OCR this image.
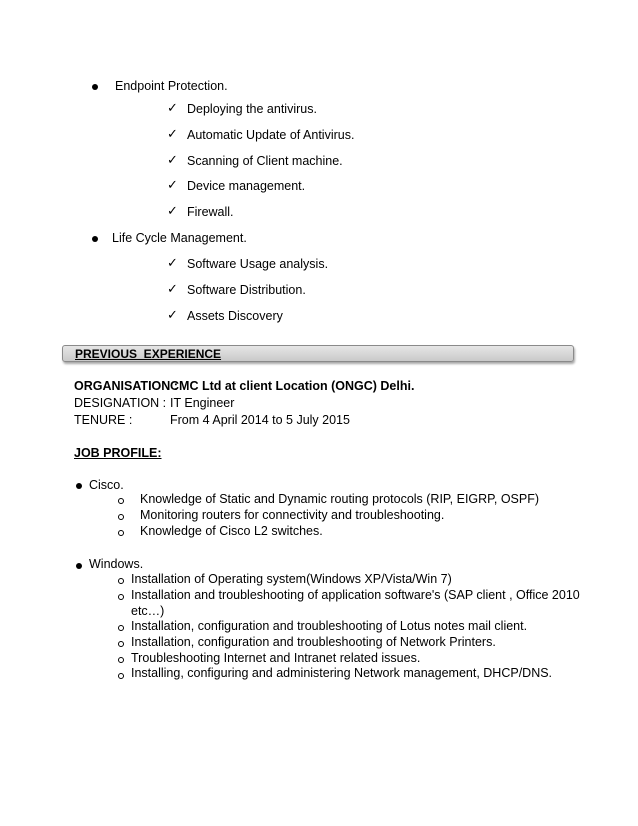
Endpoint Protection.
✓ Deploying the antivirus.
✓ Automatic Update of Antivirus.
✓ Scanning of Client machine.
✓ Device management.
✓ Firewall.
Life Cycle Management.
✓ Software Usage analysis.
✓ Software Distribution.
✓ Assets Discovery
PREVIOUS  EXPERIENCE
ORGANISATION :
CMC Ltd at client Location (ONGC) Delhi.
DESIGNATION : IT Engineer
TENURE :	From 4 April 2014 to 5 July 2015
JOB PROFILE:
Cisco.
Knowledge of Static and Dynamic routing protocols (RIP, EIGRP, OSPF)
Monitoring routers for connectivity and troubleshooting.
Knowledge of Cisco L2 switches.
Windows.
Installation of Operating system(Windows XP/Vista/Win 7)
Installation and troubleshooting of application software's (SAP client , Office 2010
etc…)
Installation, configuration and troubleshooting of Lotus notes mail client.
Installation, configuration and troubleshooting of Network Printers.
Troubleshooting Internet and Intranet related issues.
Installing, configuring and administering Network management, DHCP/DNS.
